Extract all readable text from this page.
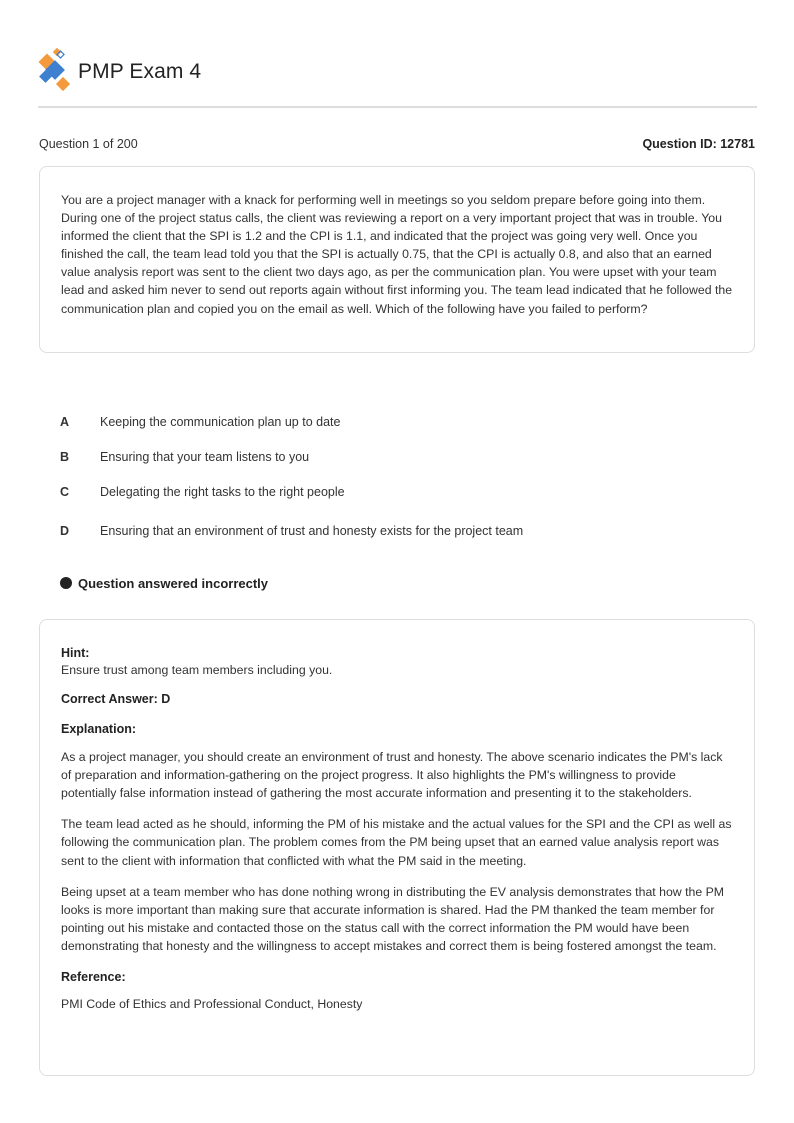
PMP Exam 4
Question 1 of 200	Question ID: 12781
You are a project manager with a knack for performing well in meetings so you seldom prepare before going into them. During one of the project status calls, the client was reviewing a report on a very important project that was in trouble. You informed the client that the SPI is 1.2 and the CPI is 1.1, and indicated that the project was going very well. Once you finished the call, the team lead told you that the SPI is actually 0.75, that the CPI is actually 0.8, and also that an earned value analysis report was sent to the client two days ago, as per the communication plan. You were upset with your team lead and asked him never to send out reports again without first informing you. The team lead indicated that he followed the communication plan and copied you on the email as well. Which of the following have you failed to perform?
A	Keeping the communication plan up to date
B	Ensuring that your team listens to you
C	Delegating the right tasks to the right people
D	Ensuring that an environment of trust and honesty exists for the project team
Question answered incorrectly
Hint:
Ensure trust among team members including you.
Correct Answer: D
Explanation:
As a project manager, you should create an environment of trust and honesty. The above scenario indicates the PM's lack of preparation and information-gathering on the project progress. It also highlights the PM's willingness to provide potentially false information instead of gathering the most accurate information and presenting it to the stakeholders.
The team lead acted as he should, informing the PM of his mistake and the actual values for the SPI and the CPI as well as following the communication plan. The problem comes from the PM being upset that an earned value analysis report was sent to the client with information that conflicted with what the PM said in the meeting.
Being upset at a team member who has done nothing wrong in distributing the EV analysis demonstrates that how the PM looks is more important than making sure that accurate information is shared. Had the PM thanked the team member for pointing out his mistake and contacted those on the status call with the correct information the PM would have been demonstrating that honesty and the willingness to accept mistakes and correct them is being fostered amongst the team.
Reference:
PMI Code of Ethics and Professional Conduct, Honesty
